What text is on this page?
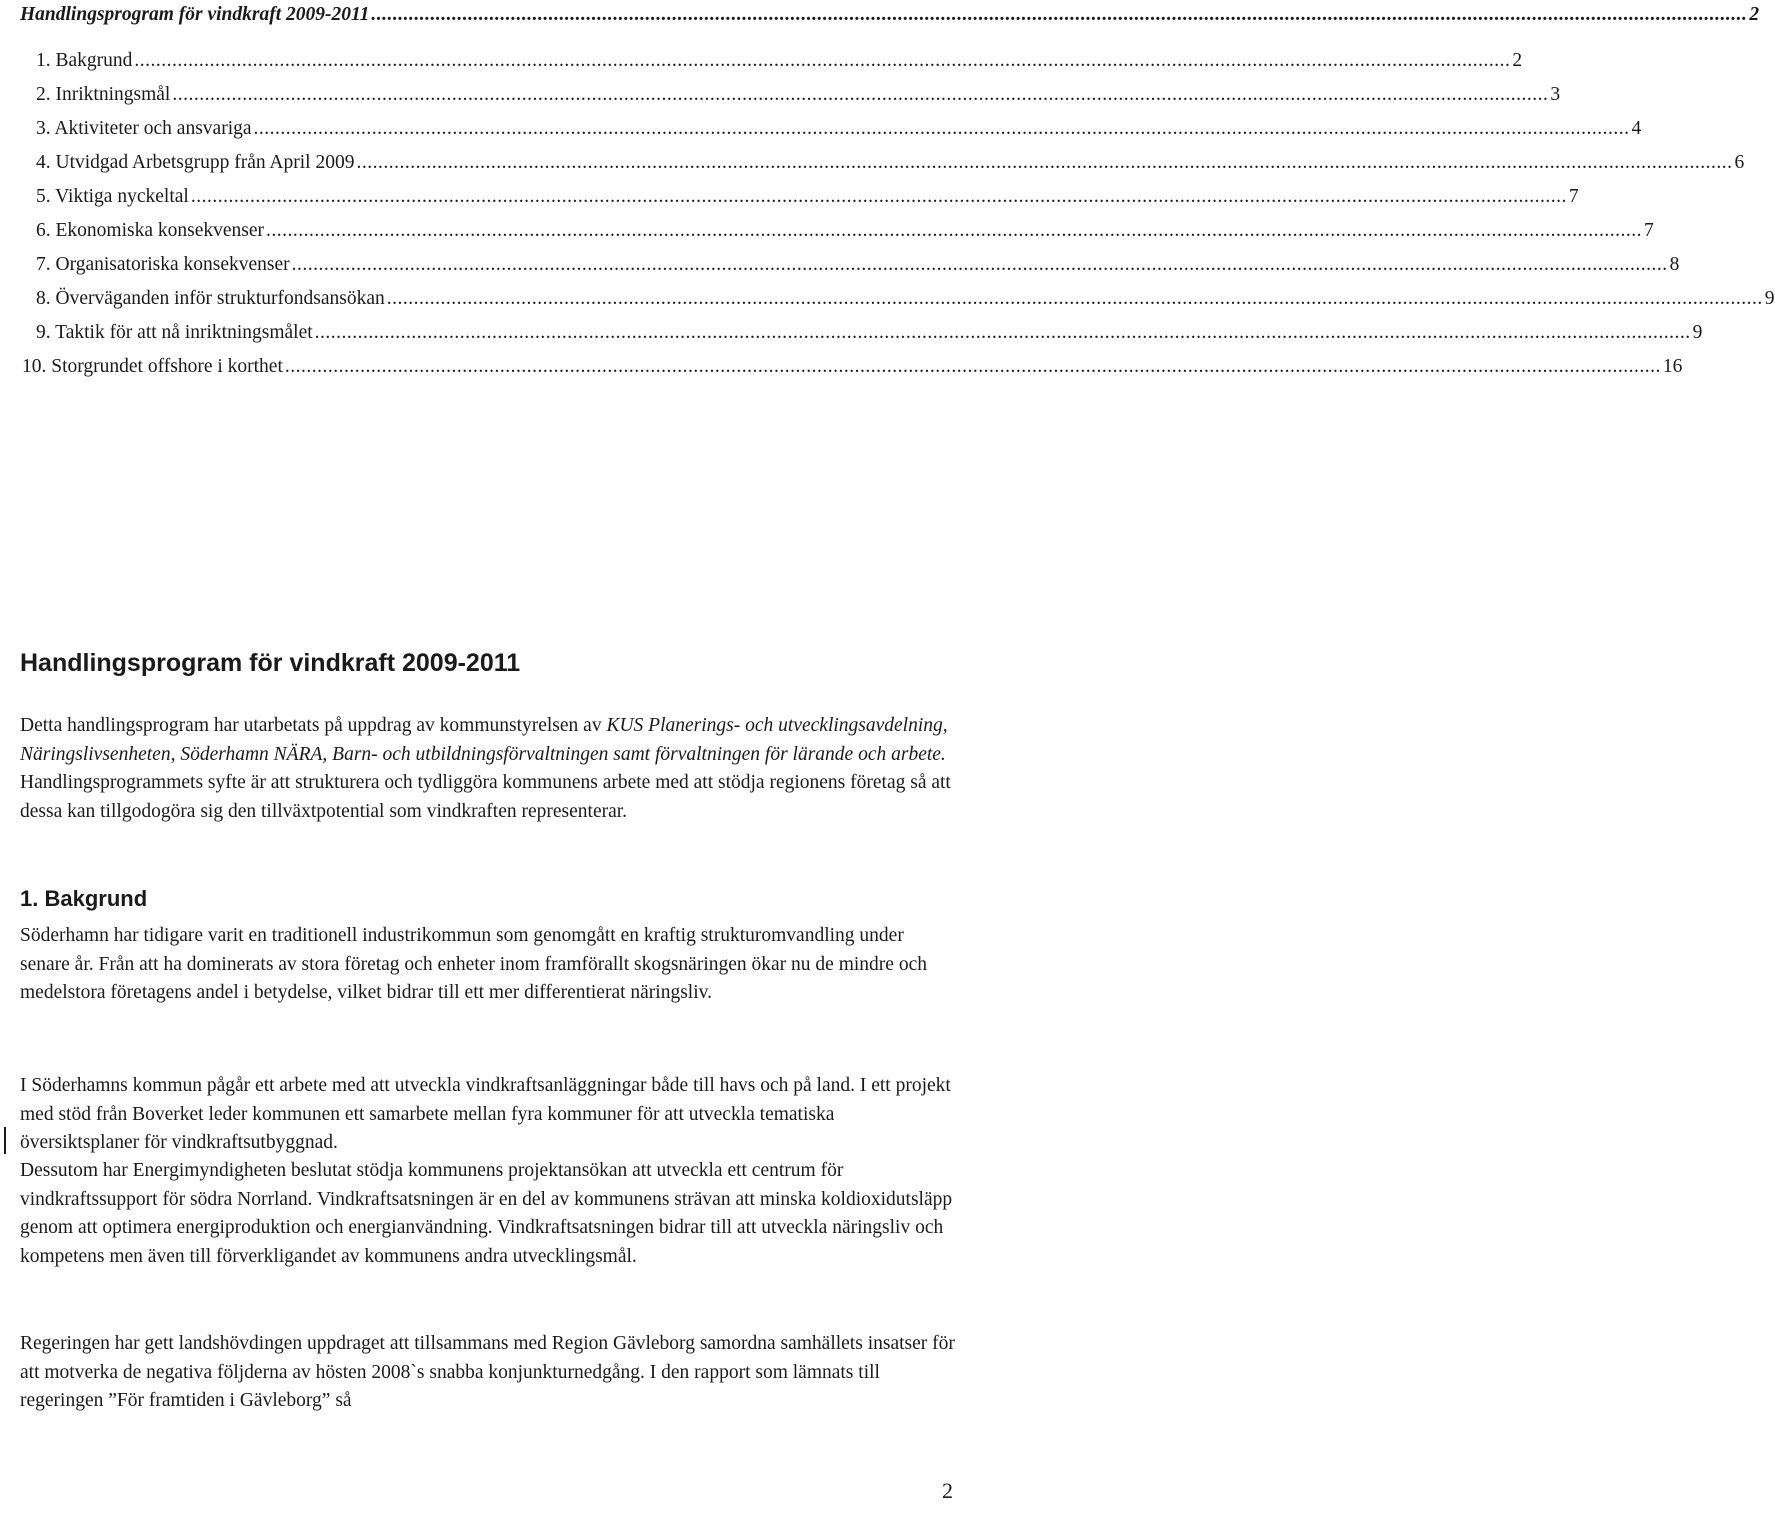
Handlingsprogram för vindkraft 2009-2011 .....	2
1. Bakgrund .....	2
2. Inriktningsmål .....	3
3. Aktiviteter och ansvariga .....	4
4. Utvidgad Arbetsgrupp från April 2009 .....	6
5. Viktiga nyckeltal .....	7
6. Ekonomiska konsekvenser .....	7
7. Organisatoriska konsekvenser .....	8
8. Överväganden inför strukturfondsansökan .....	9
9. Taktik för att nå inriktningsmålet .....	9
10. Storgrundet offshore i korthet .....	16
Handlingsprogram för vindkraft 2009-2011

Detta handlingsprogram har utarbetats på uppdrag av kommunstyrelsen av KUS Planerings- och utvecklingsavdelning, Näringslivsenheten, Söderhamn NÄRA, Barn- och utbildningsförvaltningen samt förvaltningen för lärande och arbete. Handlingsprogrammets syfte är att strukturera och tydliggöra kommunens arbete med att stödja regionens företag så att dessa kan tillgodogöra sig den tillväxtpotential som vindkraften representerar.

1. Bakgrund

Söderhamn har tidigare varit en traditionell industrikommun som genomgått en kraftig strukturomvandling under senare år. Från att ha dominerats av stora företag och enheter inom framförallt skogsnäringen ökar nu de mindre och medelstora företagens andel i betydelse, vilket bidrar till ett mer differentierat näringsliv.

I Söderhamns kommun pågår ett arbete med att utveckla vindkraftsanläggningar både till havs och på land. I ett projekt med stöd från Boverket leder kommunen ett samarbete mellan fyra kommuner för att utveckla tematiska översiktsplaner för vindkraftsutbyggnad.

Dessutom har Energimyndigheten beslutat stödja kommunens projektansökan att utveckla ett centrum för vindkraftssupport för södra Norrland. Vindkraftsatsningen är en del av kommunens strävan att minska koldioxidutsläpp genom att optimera energiproduktion och energianvändning. Vindkraftsatsningen bidrar till att utveckla näringsliv och kompetens men även till förverkligandet av kommunens andra utvecklingsmål.

Regeringen har gett landshövdingen uppdraget att tillsammans med Region Gävleborg samordna samhällets insatser för att motverka de negativa följderna av hösten 2008`s snabba konjunkturnedgång. I den rapport som lämnats till regeringen ”För framtiden i Gävleborg” så

2
